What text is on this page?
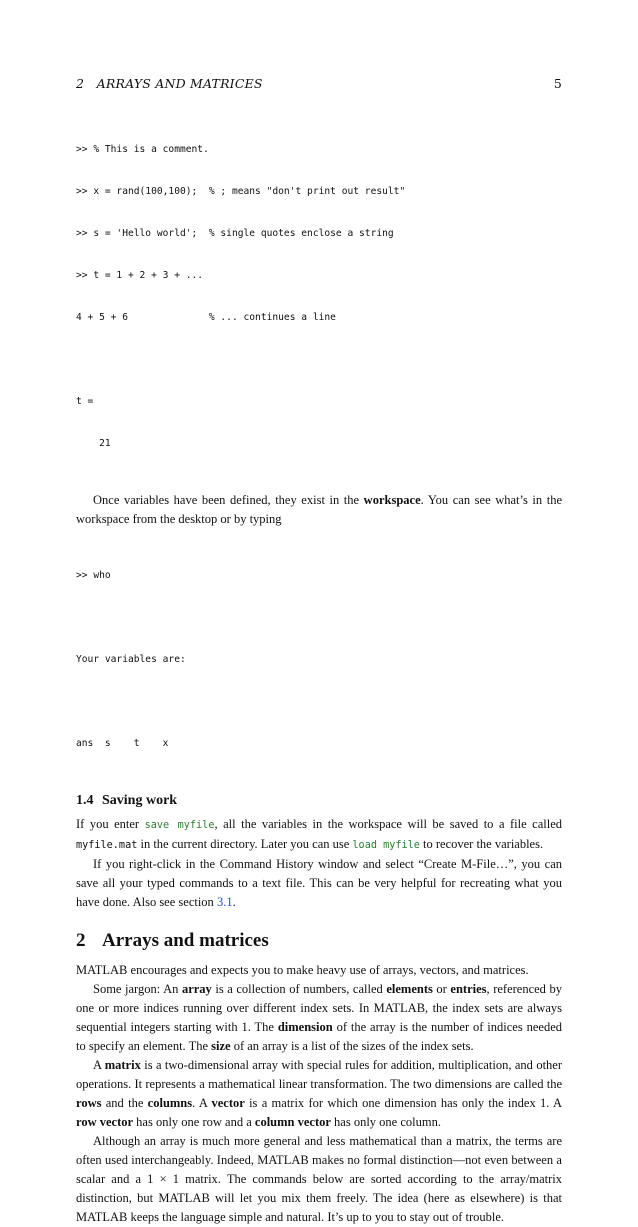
2   ARRAYS AND MATRICES	5

>> % This is a comment.

>> x = rand(100,100);  % ; means "don't print out result"

>> s = 'Hello world';  % single quotes enclose a string

>> t = 1 + 2 + 3 + ...

4 + 5 + 6              % ... continues a line

t =

21

Once variables have been defined, they exist in the workspace. You can see what’s in the workspace from the desktop or by typing

>> who

Your variables are:

ans  s    t    x

1.4 Saving work

If you enter save myfile, all the variables in the workspace will be saved to a file called myfile.mat in the current directory. Later you can use load myfile to recover the variables.

If you right-click in the Command History window and select “Create M-File…”, you can save all your typed commands to a text file. This can be very helpful for recreating what you have done. Also see section 3.1.

2 Arrays and matrices

MATLAB encourages and expects you to make heavy use of arrays, vectors, and matrices.

Some jargon: An array is a collection of numbers, called elements or entries, referenced by one or more indices running over different index sets. In MATLAB, the index sets are always sequential integers starting with 1. The dimension of the array is the number of indices needed to specify an element. The size of an array is a list of the sizes of the index sets.

A matrix is a two-dimensional array with special rules for addition, multiplication, and other operations. It represents a mathematical linear transformation. The two dimensions are called the rows and the columns. A vector is a matrix for which one dimension has only the index 1. A row vector has only one row and a column vector has only one column.

Although an array is much more general and less mathematical than a matrix, the terms are often used interchangeably. Indeed, MATLAB makes no formal distinction—not even between a scalar and a 1 × 1 matrix. The commands below are sorted according to the array/matrix distinction, but MATLAB will let you mix them freely. The idea (here as elsewhere) is that MATLAB keeps the language simple and natural. It’s up to you to stay out of trouble.
